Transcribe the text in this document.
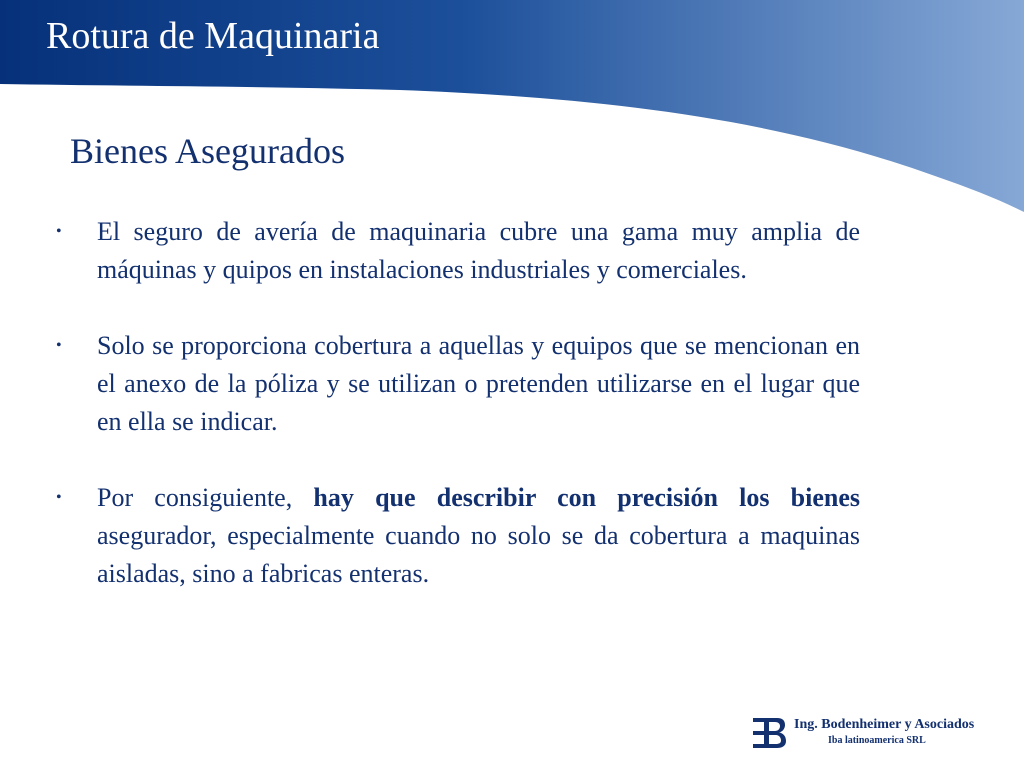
Rotura de Maquinaria
Bienes Asegurados
• El seguro de avería de maquinaria cubre una gama muy amplia de máquinas y quipos en instalaciones industriales y comerciales.
• Solo se proporciona cobertura a aquellas y equipos que se mencionan en el anexo de la póliza y se utilizan o pretenden utilizarse en el lugar que en ella se indicar.
• Por consiguiente, hay que describir con precisión los bienes asegurador, especialmente cuando no solo se da cobertura a maquinas aisladas, sino a fabricas enteras.

Ing. Bodenheimer y Asociados

Iba latinoamerica SRL
